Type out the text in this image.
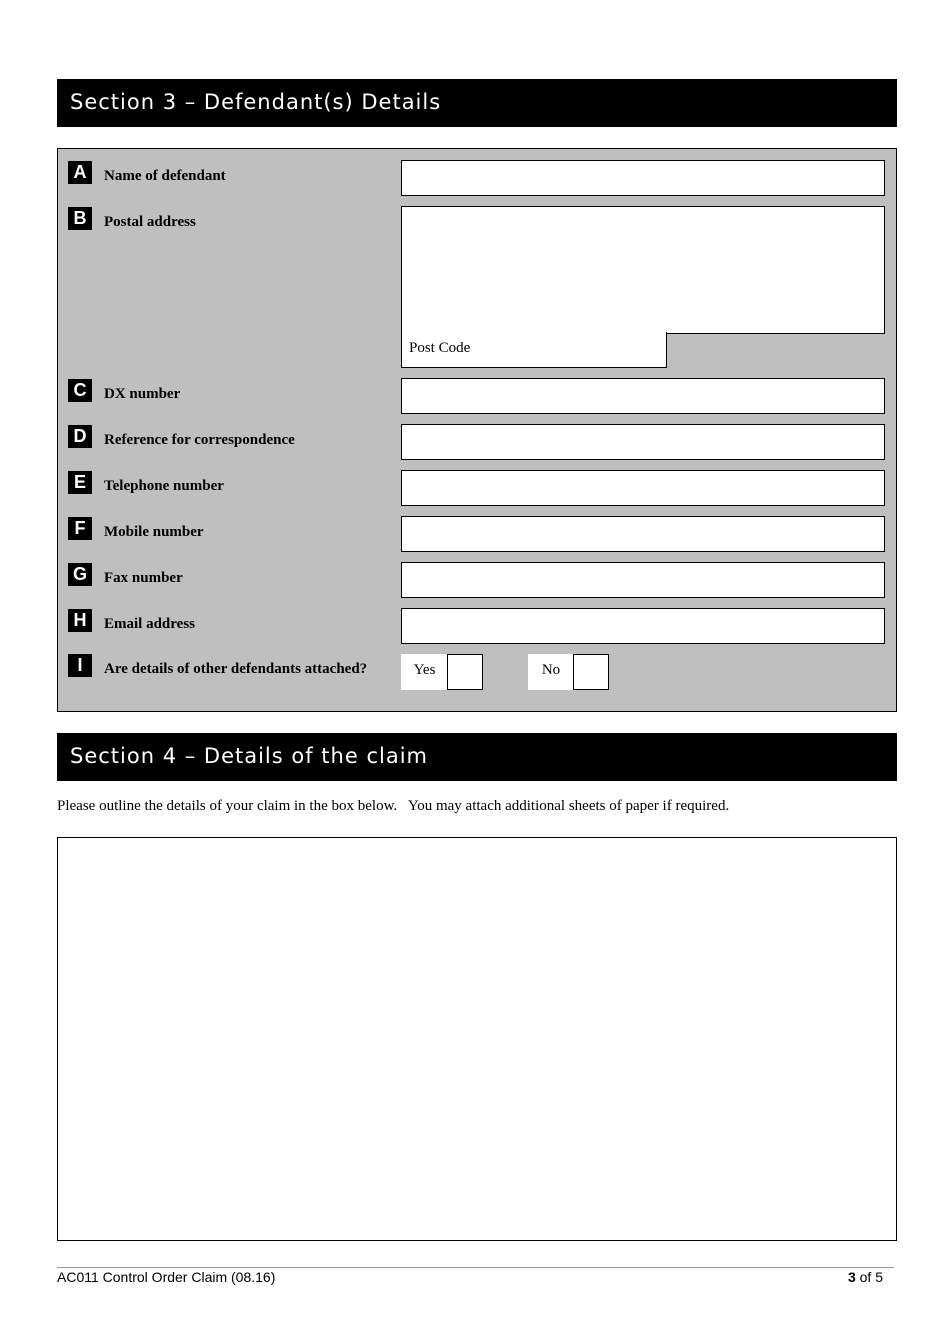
Section 3 – Defendant(s) Details
A	Name of defendant
B	Postal address
Post Code
C	DX number
D	Reference for correspondence
E	Telephone number
F	Mobile number
G	Fax number
H	Email address
I	Are details of other defendants attached?	Yes	No
Section 4 – Details of the claim
Please outline the details of your claim in the box below.   You may attach additional sheets of paper if required.
AC011 Control Order Claim (08.16)	3 of 5
